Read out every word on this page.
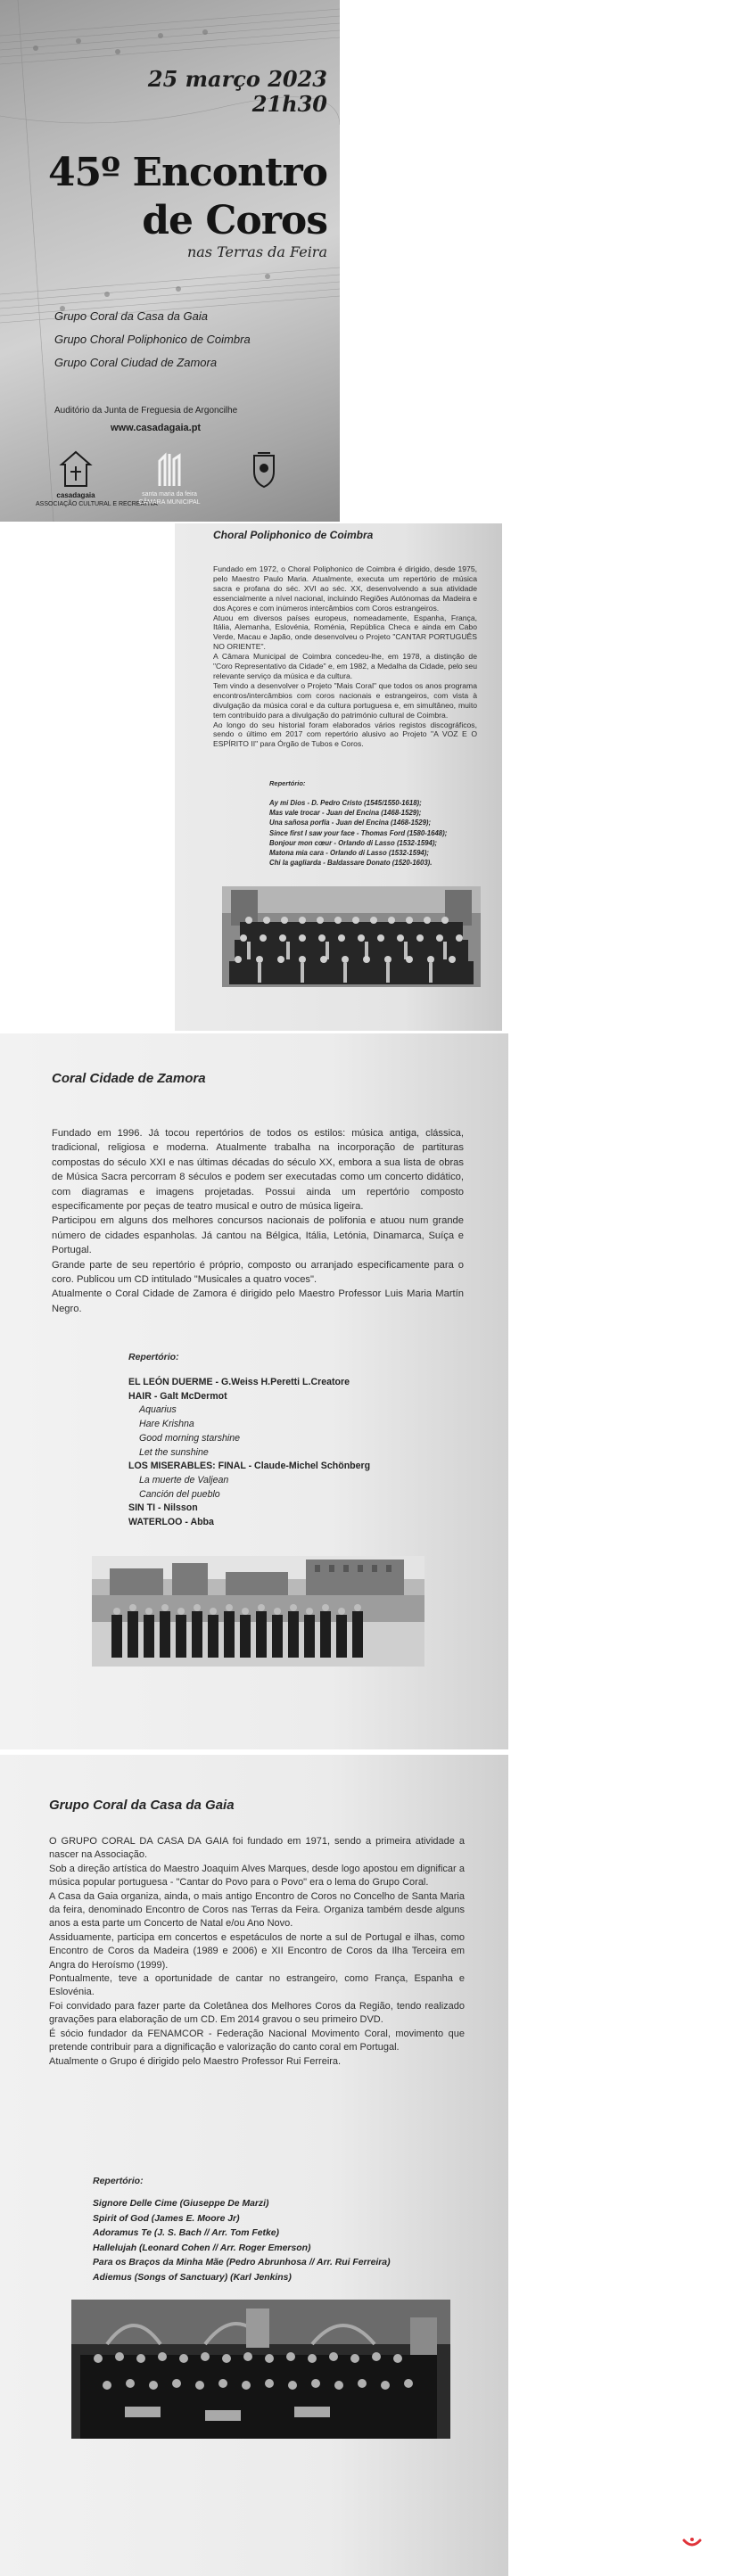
25 março 2023
21h30
45º Encontro
de Coros
nas Terras da Feira
Grupo Coral da Casa da Gaia
Grupo Choral Poliphonico de Coimbra
Grupo Coral Ciudad de Zamora
Auditório da Junta de Freguesia de Argoncilhe
www.casadagaia.pt
casadagaia
ASSOCIAÇÃO CULTURAL E RECREATIVA
santa maria da feira
CÂMARA MUNICIPAL
Choral Poliphonico de Coimbra

Fundado em 1972, o Choral Poliphonico de Coimbra é dirigido, desde 1975, pelo Maestro Paulo Maria. Atualmente, executa um repertório de música sacra e profana do séc. XVI ao séc. XX, desenvolvendo a sua atividade essencialmente a nível nacional, incluindo Regiões Autónomas da Madeira e dos Açores e com inúmeros intercâmbios com Coros estrangeiros.

Atuou em diversos países europeus, nomeadamente, Espanha, França, Itália, Alemanha, Eslovénia, Roménia, República Checa e ainda em Cabo Verde, Macau e Japão, onde desenvolveu o Projeto "CANTAR PORTUGUÊS NO ORIENTE".

A Câmara Municipal de Coimbra concedeu-lhe, em 1978, a distinção de "Coro Representativo da Cidade" e, em 1982, a Medalha da Cidade, pelo seu relevante serviço da música e da cultura.

Tem vindo a desenvolver o Projeto "Mais Coral" que todos os anos programa encontros/intercâmbios com coros nacionais e estrangeiros, com vista à divulgação da música coral e da cultura portuguesa e, em simultâneo, muito tem contribuído para a divulgação do património cultural de Coimbra.

Ao longo do seu historial foram elaborados vários registos discográficos, sendo o último em 2017 com repertório alusivo ao Projeto "A VOZ E O ESPÍRITO II" para Órgão de Tubos e Coros.

Repertório:
Ay mi Dios - D. Pedro Cristo (1545/1550-1618);
Mas vale trocar - Juan del Encina (1468-1529);
Una sañosa porfía - Juan del Encina (1468-1529);
Since first I saw your face - Thomas Ford (1580-1648);
Bonjour mon cœur - Orlando di Lasso (1532-1594);
Matona mia cara - Orlando di Lasso (1532-1594);
Chi la gagliarda - Baldassare Donato (1520-1603).
Coral Cidade de Zamora

Fundado em 1996. Já tocou repertórios de todos os estilos: música antiga, clássica, tradicional, religiosa e moderna. Atualmente trabalha na incorporação de partituras compostas do século XXI e nas últimas décadas do século XX, embora a sua lista de obras de Música Sacra percorram 8 séculos e podem ser executadas como um concerto didático, com diagramas e imagens projetadas. Possui ainda um repertório composto especificamente por peças de teatro musical e outro de música ligeira.

Participou em alguns dos melhores concursos nacionais de polifonia e atuou num grande número de cidades espanholas. Já cantou na Bélgica, Itália, Letónia, Dinamarca, Suíça e Portugal.

Grande parte de seu repertório é próprio, composto ou arranjado especificamente para o coro. Publicou um CD intitulado "Musicales a quatro voces".

Atualmente o Coral Cidade de Zamora é dirigido pelo Maestro Professor Luis Maria Martín Negro.

Repertório:
EL LEÓN DUERME - G.Weiss H.Peretti L.Creatore
HAIR - Galt McDermot
Aquarius
Hare Krishna
Good morning starshine
Let the sunshine
LOS MISERABLES: FINAL - Claude-Michel Schönberg
La muerte de Valjean
Canción del pueblo
SIN TI - Nilsson
WATERLOO - Abba
Grupo Coral da Casa da Gaia

O GRUPO CORAL DA CASA DA GAIA foi fundado em 1971, sendo a primeira atividade a nascer na Associação.

Sob a direção artística do Maestro Joaquim Alves Marques, desde logo apostou em dignificar a música popular portuguesa - "Cantar do Povo para o Povo" era o lema do Grupo Coral.

A Casa da Gaia organiza, ainda, o mais antigo Encontro de Coros no Concelho de Santa Maria da feira, denominado Encontro de Coros nas Terras da Feira. Organiza também desde alguns anos a esta parte um Concerto de Natal e/ou Ano Novo.

Assiduamente, participa em concertos e espetáculos de norte a sul de Portugal e ilhas, como Encontro de Coros da Madeira (1989 e 2006) e XII Encontro de Coros da Ilha Terceira em Angra do Heroísmo (1999).

Pontualmente, teve a oportunidade de cantar no estrangeiro, como França, Espanha e Eslovénia.

Foi convidado para fazer parte da Coletânea dos Melhores Coros da Região, tendo realizado gravações para elaboração de um CD. Em 2014 gravou o seu primeiro DVD.

É sócio fundador da FENAMCOR - Federação Nacional Movimento Coral, movimento que pretende contribuir para a dignificação e valorização do canto coral em Portugal.

Atualmente o Grupo é dirigido pelo Maestro Professor Rui Ferreira.

Repertório:
Signore Delle Cime (Giuseppe De Marzi)
Spirit of God (James E. Moore Jr)
Adoramus Te (J. S. Bach // Arr. Tom Fetke)
Hallelujah (Leonard Cohen // Arr. Roger Emerson)
Para os Braços da Minha Mãe (Pedro Abrunhosa // Arr. Rui Ferreira)
Adiemus (Songs of Sanctuary) (Karl Jenkins)
